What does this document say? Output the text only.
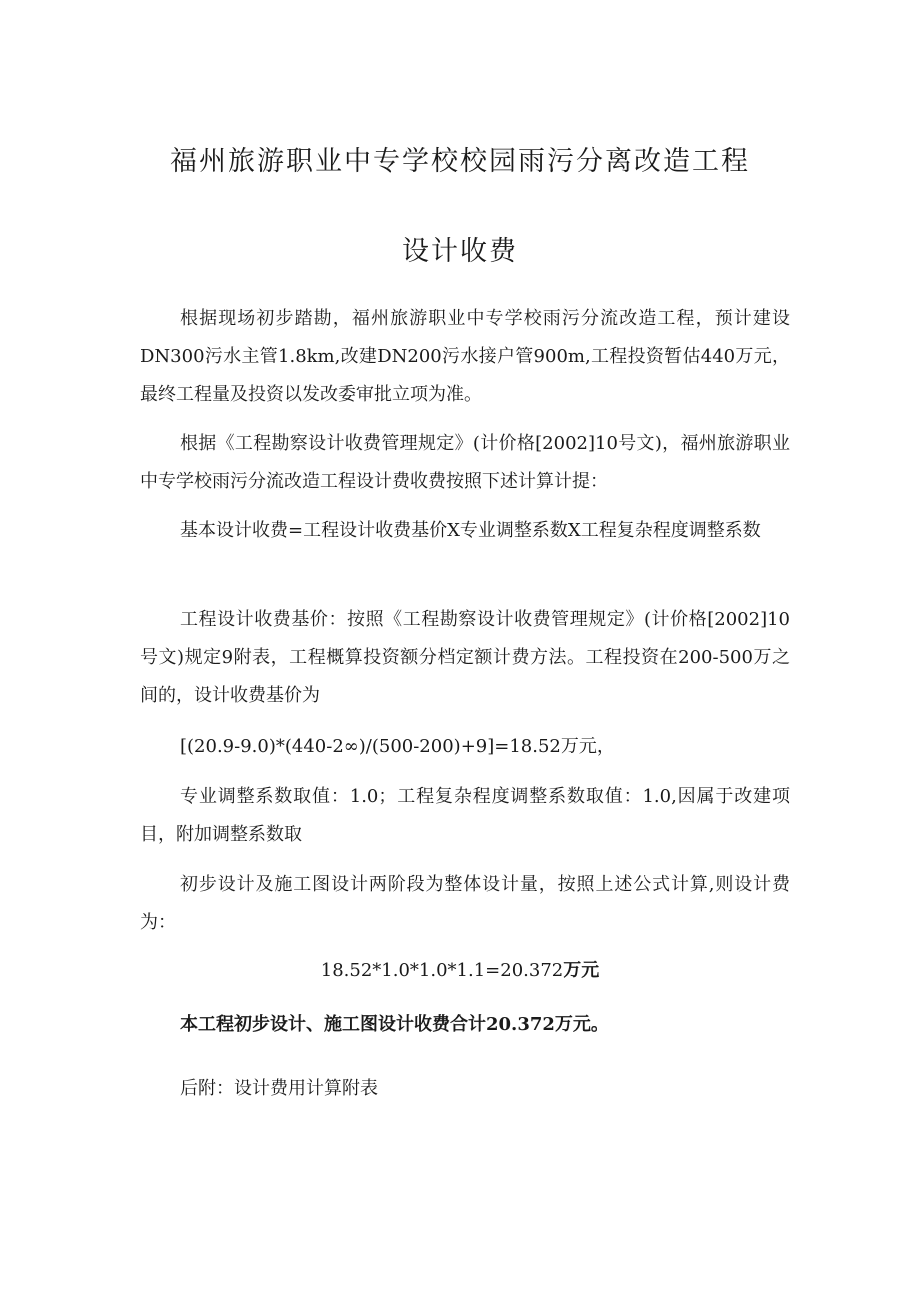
福州旅游职业中专学校校园雨污分离改造工程
设计收费

根据现场初步踏勘，福州旅游职业中专学校雨污分流改造工程，预计建设DN300污水主管1.8km,改建DN200污水接户管900m,工程投资暂估440万元，最终工程量及投资以发改委审批立项为准。

根据《工程勘察设计收费管理规定》(计价格[2002]10号文)，福州旅游职业中专学校雨污分流改造工程设计费收费按照下述计算计提：

基本设计收费=工程设计收费基价X专业调整系数X工程复杂程度调整系数

工程设计收费基价：按照《工程勘察设计收费管理规定》(计价格[2002]10号文)规定9附表，工程概算投资额分档定额计费方法。工程投资在200-500万之间的，设计收费基价为

[(20.9-9.0)*(440-2∞)/(500-200)+9]=18.52万元，

专业调整系数取值：1.0；工程复杂程度调整系数取值：1.0,因属于改建项目，附加调整系数取

初步设计及施工图设计两阶段为整体设计量，按照上述公式计算,则设计费为：

18.52*1.0*1.0*1.1=20.372万元

本工程初步设计、施工图设计收费合计20.372万元。

后附：设计费用计算附表
